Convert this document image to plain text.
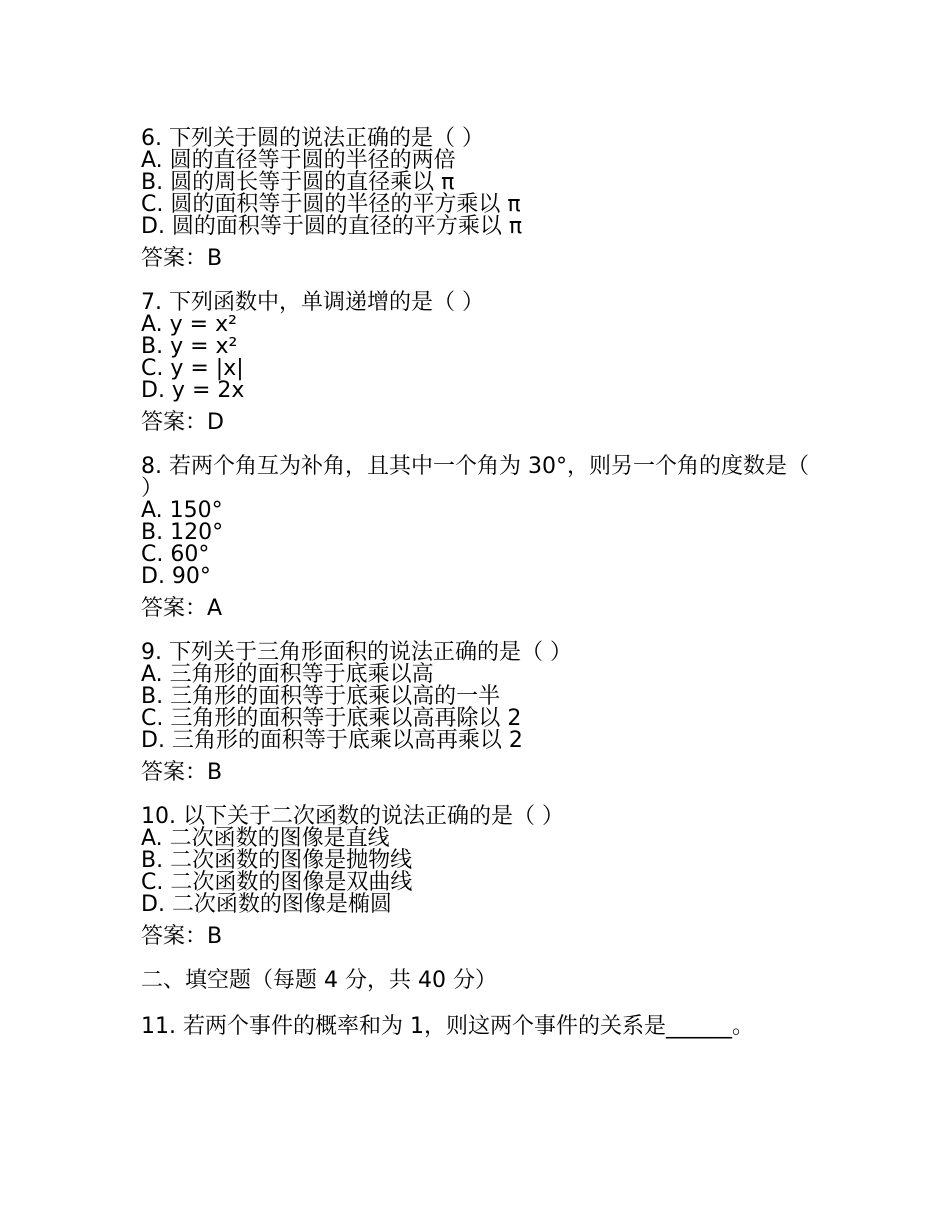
6. 下列关于圆的说法正确的是（ ）
A. 圆的直径等于圆的半径的两倍
B. 圆的周长等于圆的直径乘以 π
C. 圆的面积等于圆的半径的平方乘以 π
D. 圆的面积等于圆的直径的平方乘以 π
答案：B
7. 下列函数中，单调递增的是（ ）
A. y = x²
B. y = x²
C. y = |x|
D. y = 2x
答案：D
8. 若两个角互为补角，且其中一个角为 30°，则另一个角的度数是（ ）
A. 150°
B. 120°
C. 60°
D. 90°
答案：A
9. 下列关于三角形面积的说法正确的是（ ）
A. 三角形的面积等于底乘以高
B. 三角形的面积等于底乘以高的一半
C. 三角形的面积等于底乘以高再除以 2
D. 三角形的面积等于底乘以高再乘以 2
答案：B
10. 以下关于二次函数的说法正确的是（ ）
A. 二次函数的图像是直线
B. 二次函数的图像是抛物线
C. 二次函数的图像是双曲线
D. 二次函数的图像是椭圆
答案：B
二、填空题（每题 4 分，共 40 分）
11. 若两个事件的概率和为 1，则这两个事件的关系是______。
